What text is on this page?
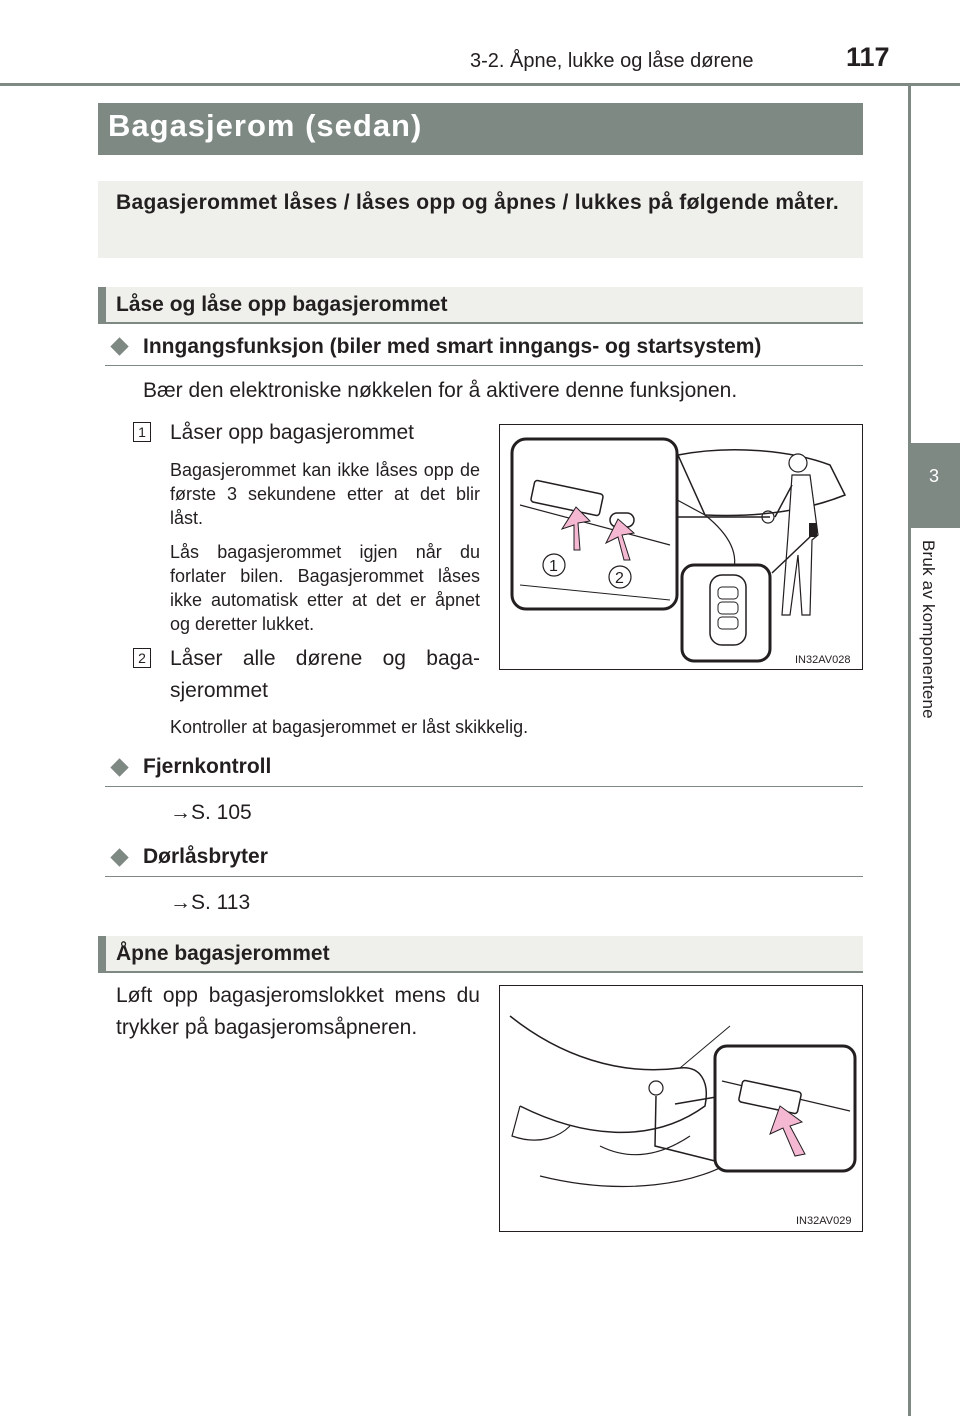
3-2. Åpne, lukke og låse dørene	117
3
Bruk av komponentene
Bagasjerom (sedan)
Bagasjerommet låses / låses opp og åpnes / lukkes på følgende måter.
Låse og låse opp bagasjerommet
Inngangsfunksjon (biler med smart inngangs- og startsystem)
Bær den elektroniske nøkkelen for å aktivere denne funksjonen.
1 Låser opp bagasjerommet
Bagasjerommet kan ikke låses opp de første 3 sekundene etter at det blir låst.
Lås bagasjerommet igjen når du forlater bilen. Bagasjerommet låses ikke automatisk etter at det er åpnet og deretter lukket.
2 Låser alle dørene og baga-sjerommet
Kontroller at bagasjerommet er låst skikkelig.
1
2
IN32AV028
Fjernkontroll
→S. 105
Dørlåsbryter
→S. 113
Åpne bagasjerommet
Løft opp bagasjeromslokket mens du trykker på bagasjeromsåpneren.
IN32AV029
